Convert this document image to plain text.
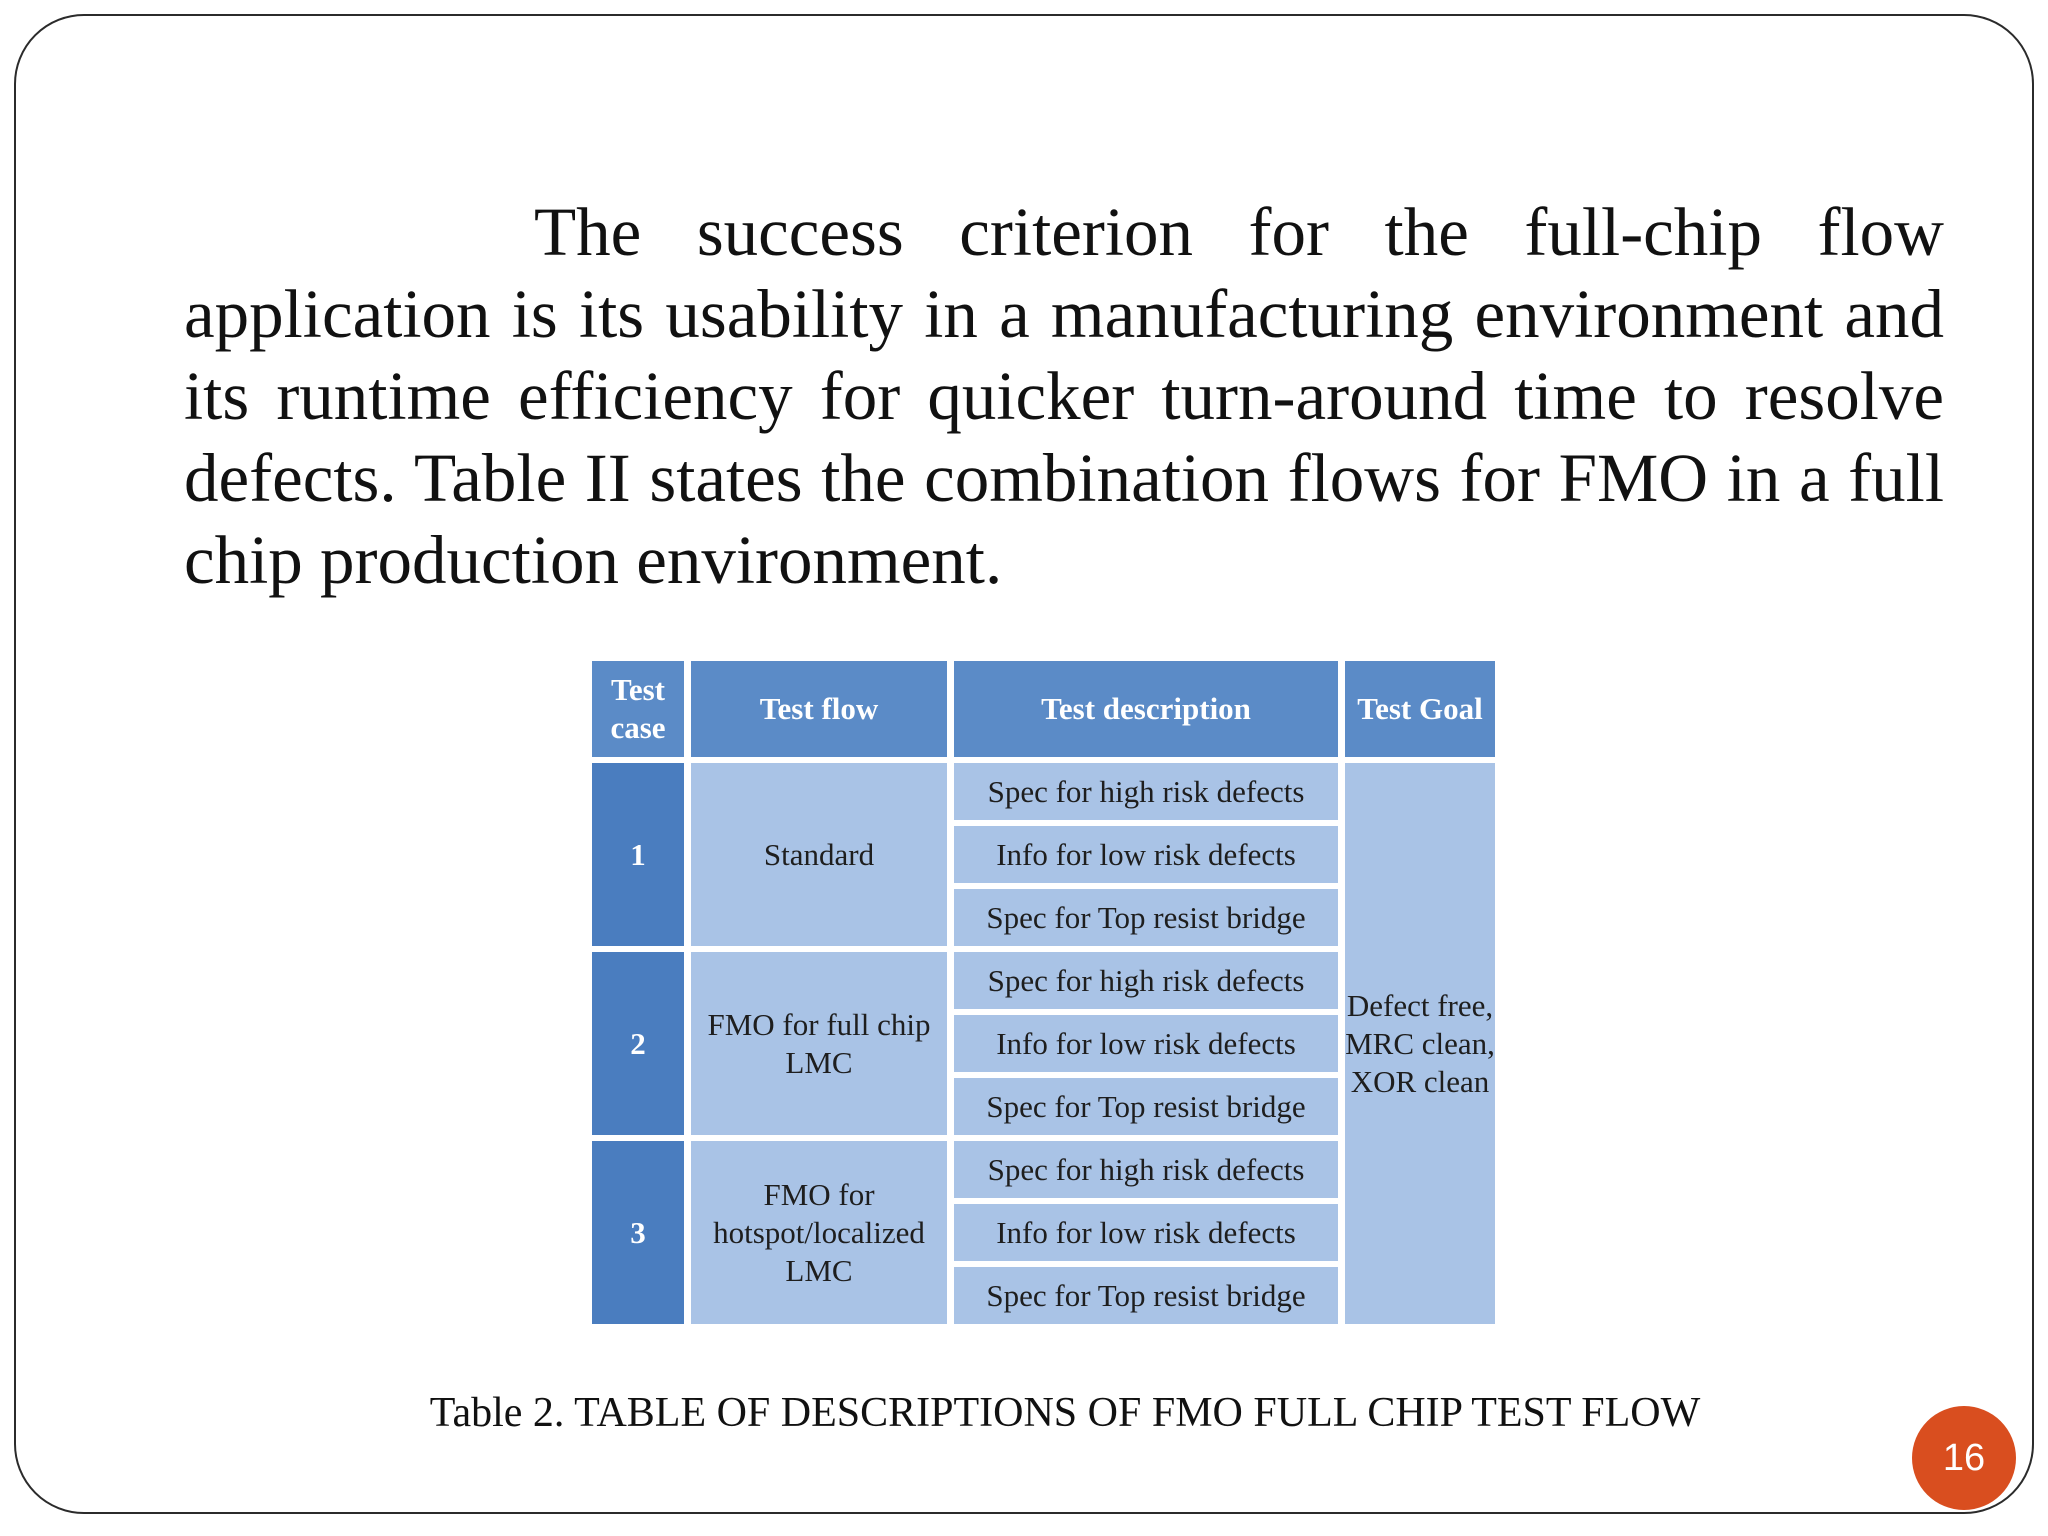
The success criterion for the full-chip flow application is its usability in a manufacturing environment and its runtime efficiency for quicker turn-around time to resolve defects. Table II states the combination flows for FMO in a full chip production environment.

Test case	Test flow	Test description	Test Goal
1	Standard	Spec for high risk defects	Defect free, MRC clean, XOR clean
		Info for low risk defects	
		Spec for Top resist bridge	
2	FMO for full chip LMC	Spec for high risk defects	
		Info for low risk defects	
		Spec for Top resist bridge	
3	FMO for hotspot/localized LMC	Spec for high risk defects	
		Info for low risk defects	
		Spec for Top resist bridge	
Table 2. TABLE OF DESCRIPTIONS OF FMO FULL CHIP TEST FLOW
16
